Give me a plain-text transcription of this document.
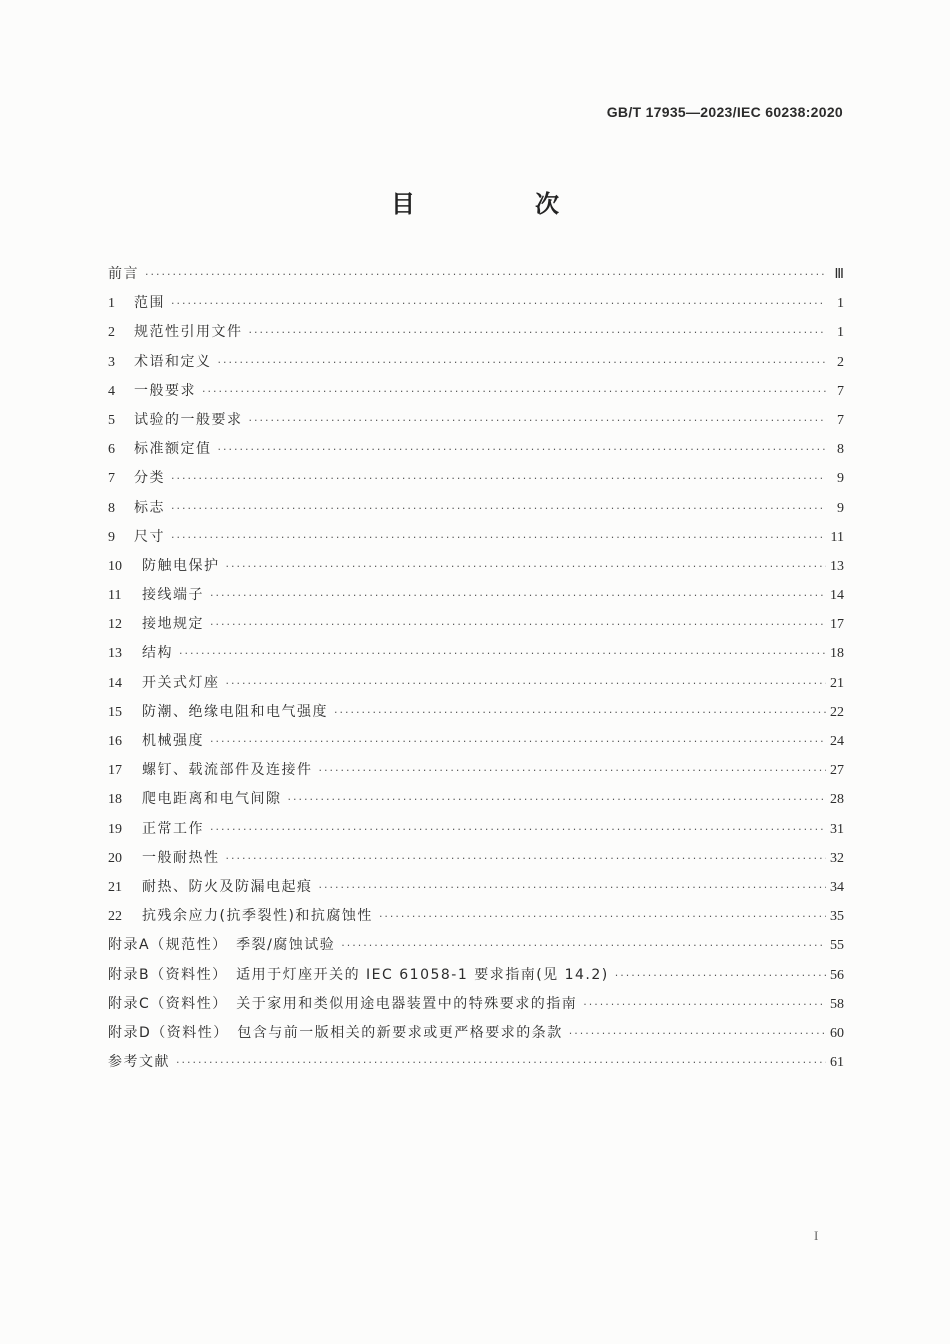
GB/T 17935—2023/IEC 60238:2020
目　次
前言 ·····	Ⅲ
1	范围 ·····	1
2	规范性引用文件 ·····	1
3	术语和定义 ·····	2
4	一般要求 ·····	7
5	试验的一般要求 ·····	7
6	标准额定值 ·····	8
7	分类 ·····	9
8	标志 ·····	9
9	尺寸 ·····	11
10	防触电保护 ·····	13
11	接线端子 ·····	14
12	接地规定 ·····	17
13	结构 ·····	18
14	开关式灯座 ·····	21
15	防潮、绝缘电阻和电气强度 ·····	22
16	机械强度 ·····	24
17	螺钉、载流部件及连接件 ·····	27
18	爬电距离和电气间隙 ·····	28
19	正常工作 ·····	31
20	一般耐热性 ·····	32
21	耐热、防火及防漏电起痕 ·····	34
22	抗残余应力(抗季裂性)和抗腐蚀性 ·····	35
附录A（规范性）　季裂/腐蚀试验 ·····	55
附录B（资料性）　适用于灯座开关的 IEC 61058-1 要求指南(见 14.2) ·····	56
附录C（资料性）　关于家用和类似用途电器装置中的特殊要求的指南 ·····	58
附录D（资料性）　包含与前一版相关的新要求或更严格要求的条款 ·····	60
参考文献 ·····	61
I
